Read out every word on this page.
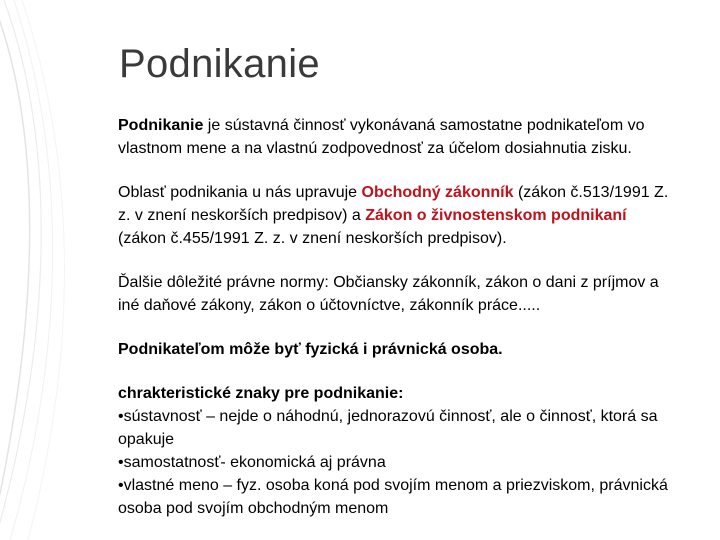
Podnikanie

Podnikanie je sústavná činnosť vykonávaná samostatne podnikateľom vo vlastnom mene a na vlastnú zodpovednosť za účelom dosiahnutia zisku.

Oblasť podnikania u nás upravuje Obchodný zákonník (zákon č.513/1991 Z. z. v znení neskorších predpisov) a Zákon o živnostenskom podnikaní (zákon č.455/1991 Z. z. v znení neskorších predpisov).

Ďalšie dôležité právne normy: Občiansky zákonník, zákon o dani z príjmov a iné daňové zákony, zákon o účtovníctve, zákonník práce.....

Podnikateľom môže byť fyzická i právnická osoba.

chrakteristické znaky pre podnikanie:

•sústavnosť – nejde o náhodnú, jednorazovú činnosť, ale o činnosť, ktorá sa opakuje

•samostatnosť- ekonomická aj právna

•vlastné meno – fyz. osoba koná pod svojím menom a priezviskom, právnická osoba pod svojím obchodným menom
